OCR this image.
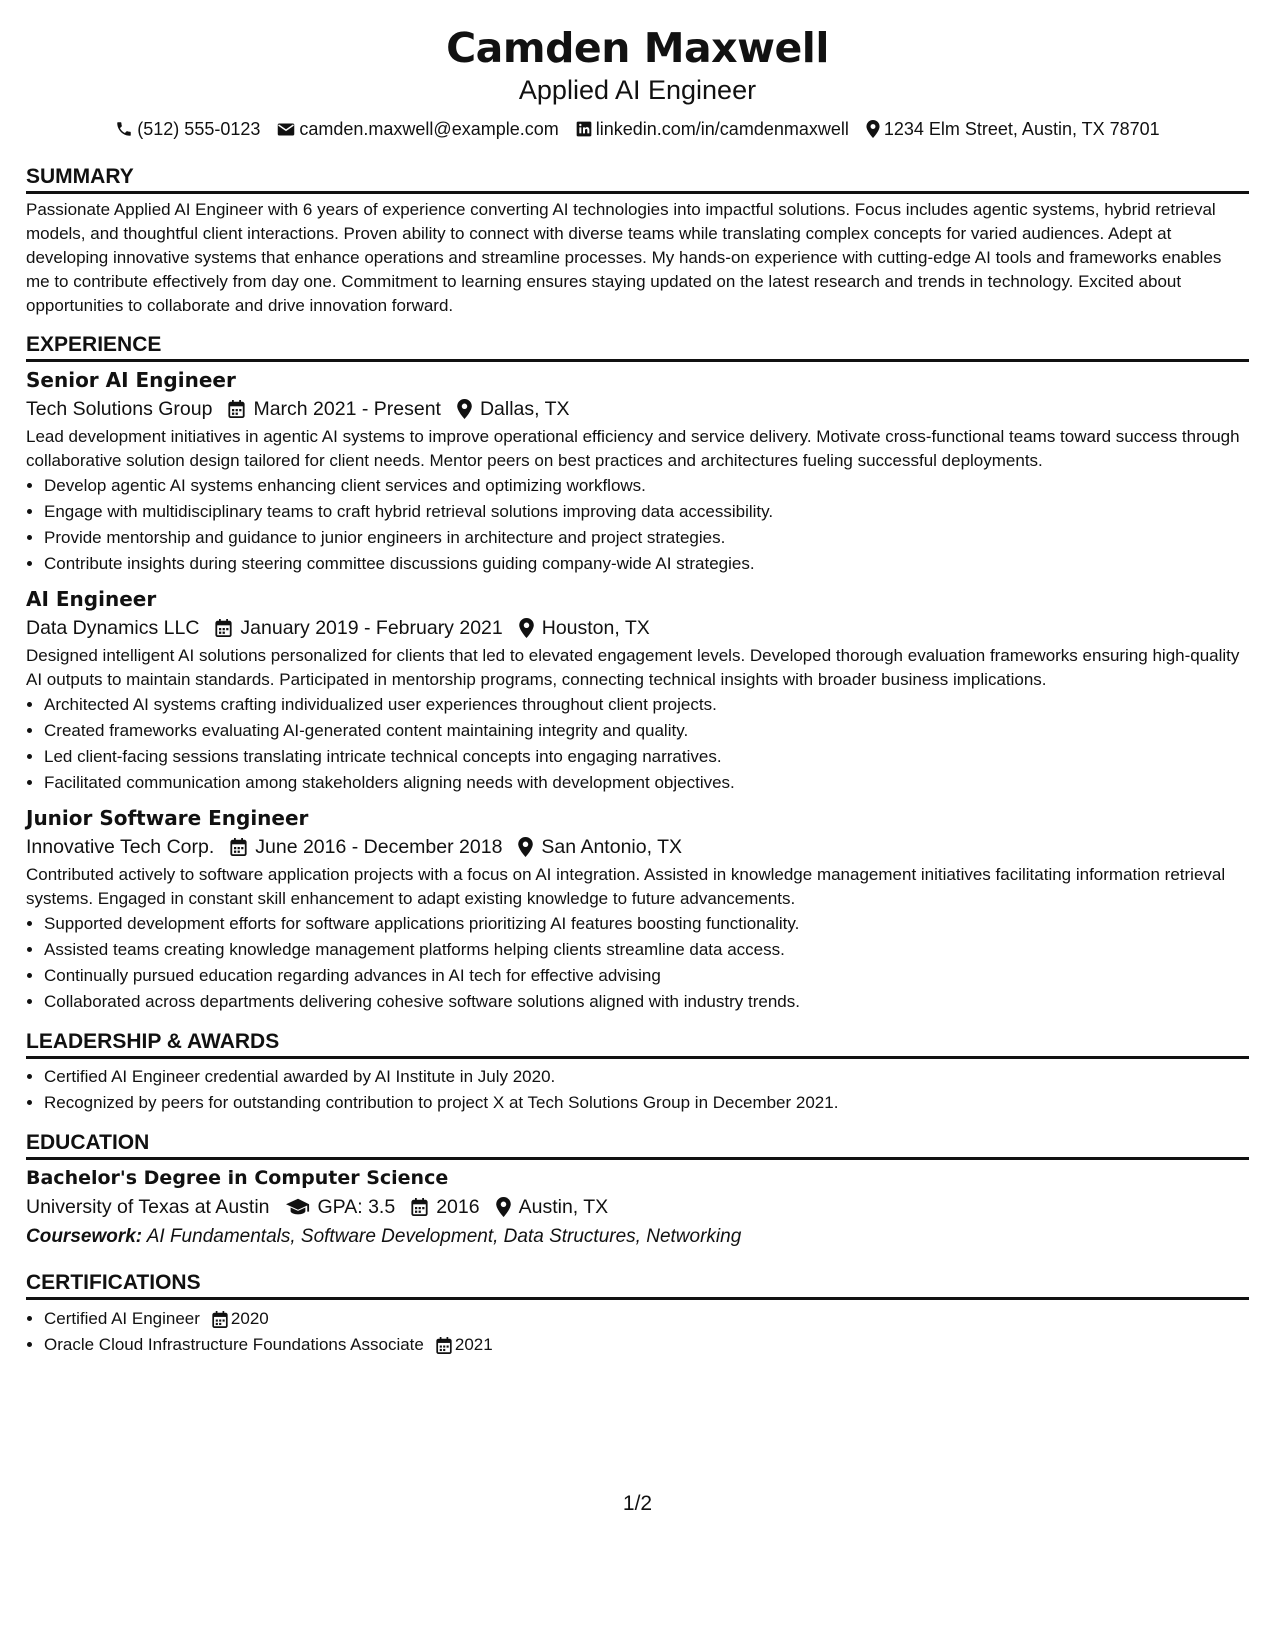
Camden Maxwell
Applied AI Engineer
(512) 555-0123 camden.maxwell@example.com linkedin.com/in/camdenmaxwell 1234 Elm Street, Austin, TX 78701
SUMMARY
Passionate Applied AI Engineer with 6 years of experience converting AI technologies into impactful solutions. Focus includes agentic systems, hybrid retrieval models, and thoughtful client interactions. Proven ability to connect with diverse teams while translating complex concepts for varied audiences. Adept at developing innovative systems that enhance operations and streamline processes. My hands-on experience with cutting-edge AI tools and frameworks enables me to contribute effectively from day one. Commitment to learning ensures staying updated on the latest research and trends in technology. Excited about opportunities to collaborate and drive innovation forward.
EXPERIENCE
Senior AI Engineer
Tech Solutions Group March 2021 - Present Dallas, TX
Lead development initiatives in agentic AI systems to improve operational efficiency and service delivery. Motivate cross-functional teams toward success through collaborative solution design tailored for client needs. Mentor peers on best practices and architectures fueling successful deployments.
• Develop agentic AI systems enhancing client services and optimizing workflows.
• Engage with multidisciplinary teams to craft hybrid retrieval solutions improving data accessibility.
• Provide mentorship and guidance to junior engineers in architecture and project strategies.
• Contribute insights during steering committee discussions guiding company-wide AI strategies.
AI Engineer
Data Dynamics LLC January 2019 - February 2021 Houston, TX
Designed intelligent AI solutions personalized for clients that led to elevated engagement levels. Developed thorough evaluation frameworks ensuring high-quality AI outputs to maintain standards. Participated in mentorship programs, connecting technical insights with broader business implications.
• Architected AI systems crafting individualized user experiences throughout client projects.
• Created frameworks evaluating AI-generated content maintaining integrity and quality.
• Led client-facing sessions translating intricate technical concepts into engaging narratives.
• Facilitated communication among stakeholders aligning needs with development objectives.
Junior Software Engineer
Innovative Tech Corp. June 2016 - December 2018 San Antonio, TX
Contributed actively to software application projects with a focus on AI integration. Assisted in knowledge management initiatives facilitating information retrieval systems. Engaged in constant skill enhancement to adapt existing knowledge to future advancements.
• Supported development efforts for software applications prioritizing AI features boosting functionality.
• Assisted teams creating knowledge management platforms helping clients streamline data access.
• Continually pursued education regarding advances in AI tech for effective advising
• Collaborated across departments delivering cohesive software solutions aligned with industry trends.
LEADERSHIP & AWARDS
• Certified AI Engineer credential awarded by AI Institute in July 2020.
• Recognized by peers for outstanding contribution to project X at Tech Solutions Group in December 2021.
EDUCATION
Bachelor's Degree in Computer Science
University of Texas at Austin GPA: 3.5 2016 Austin, TX
Coursework: AI Fundamentals, Software Development, Data Structures, Networking
CERTIFICATIONS
• Certified AI Engineer 2020
• Oracle Cloud Infrastructure Foundations Associate 2021
1/2
